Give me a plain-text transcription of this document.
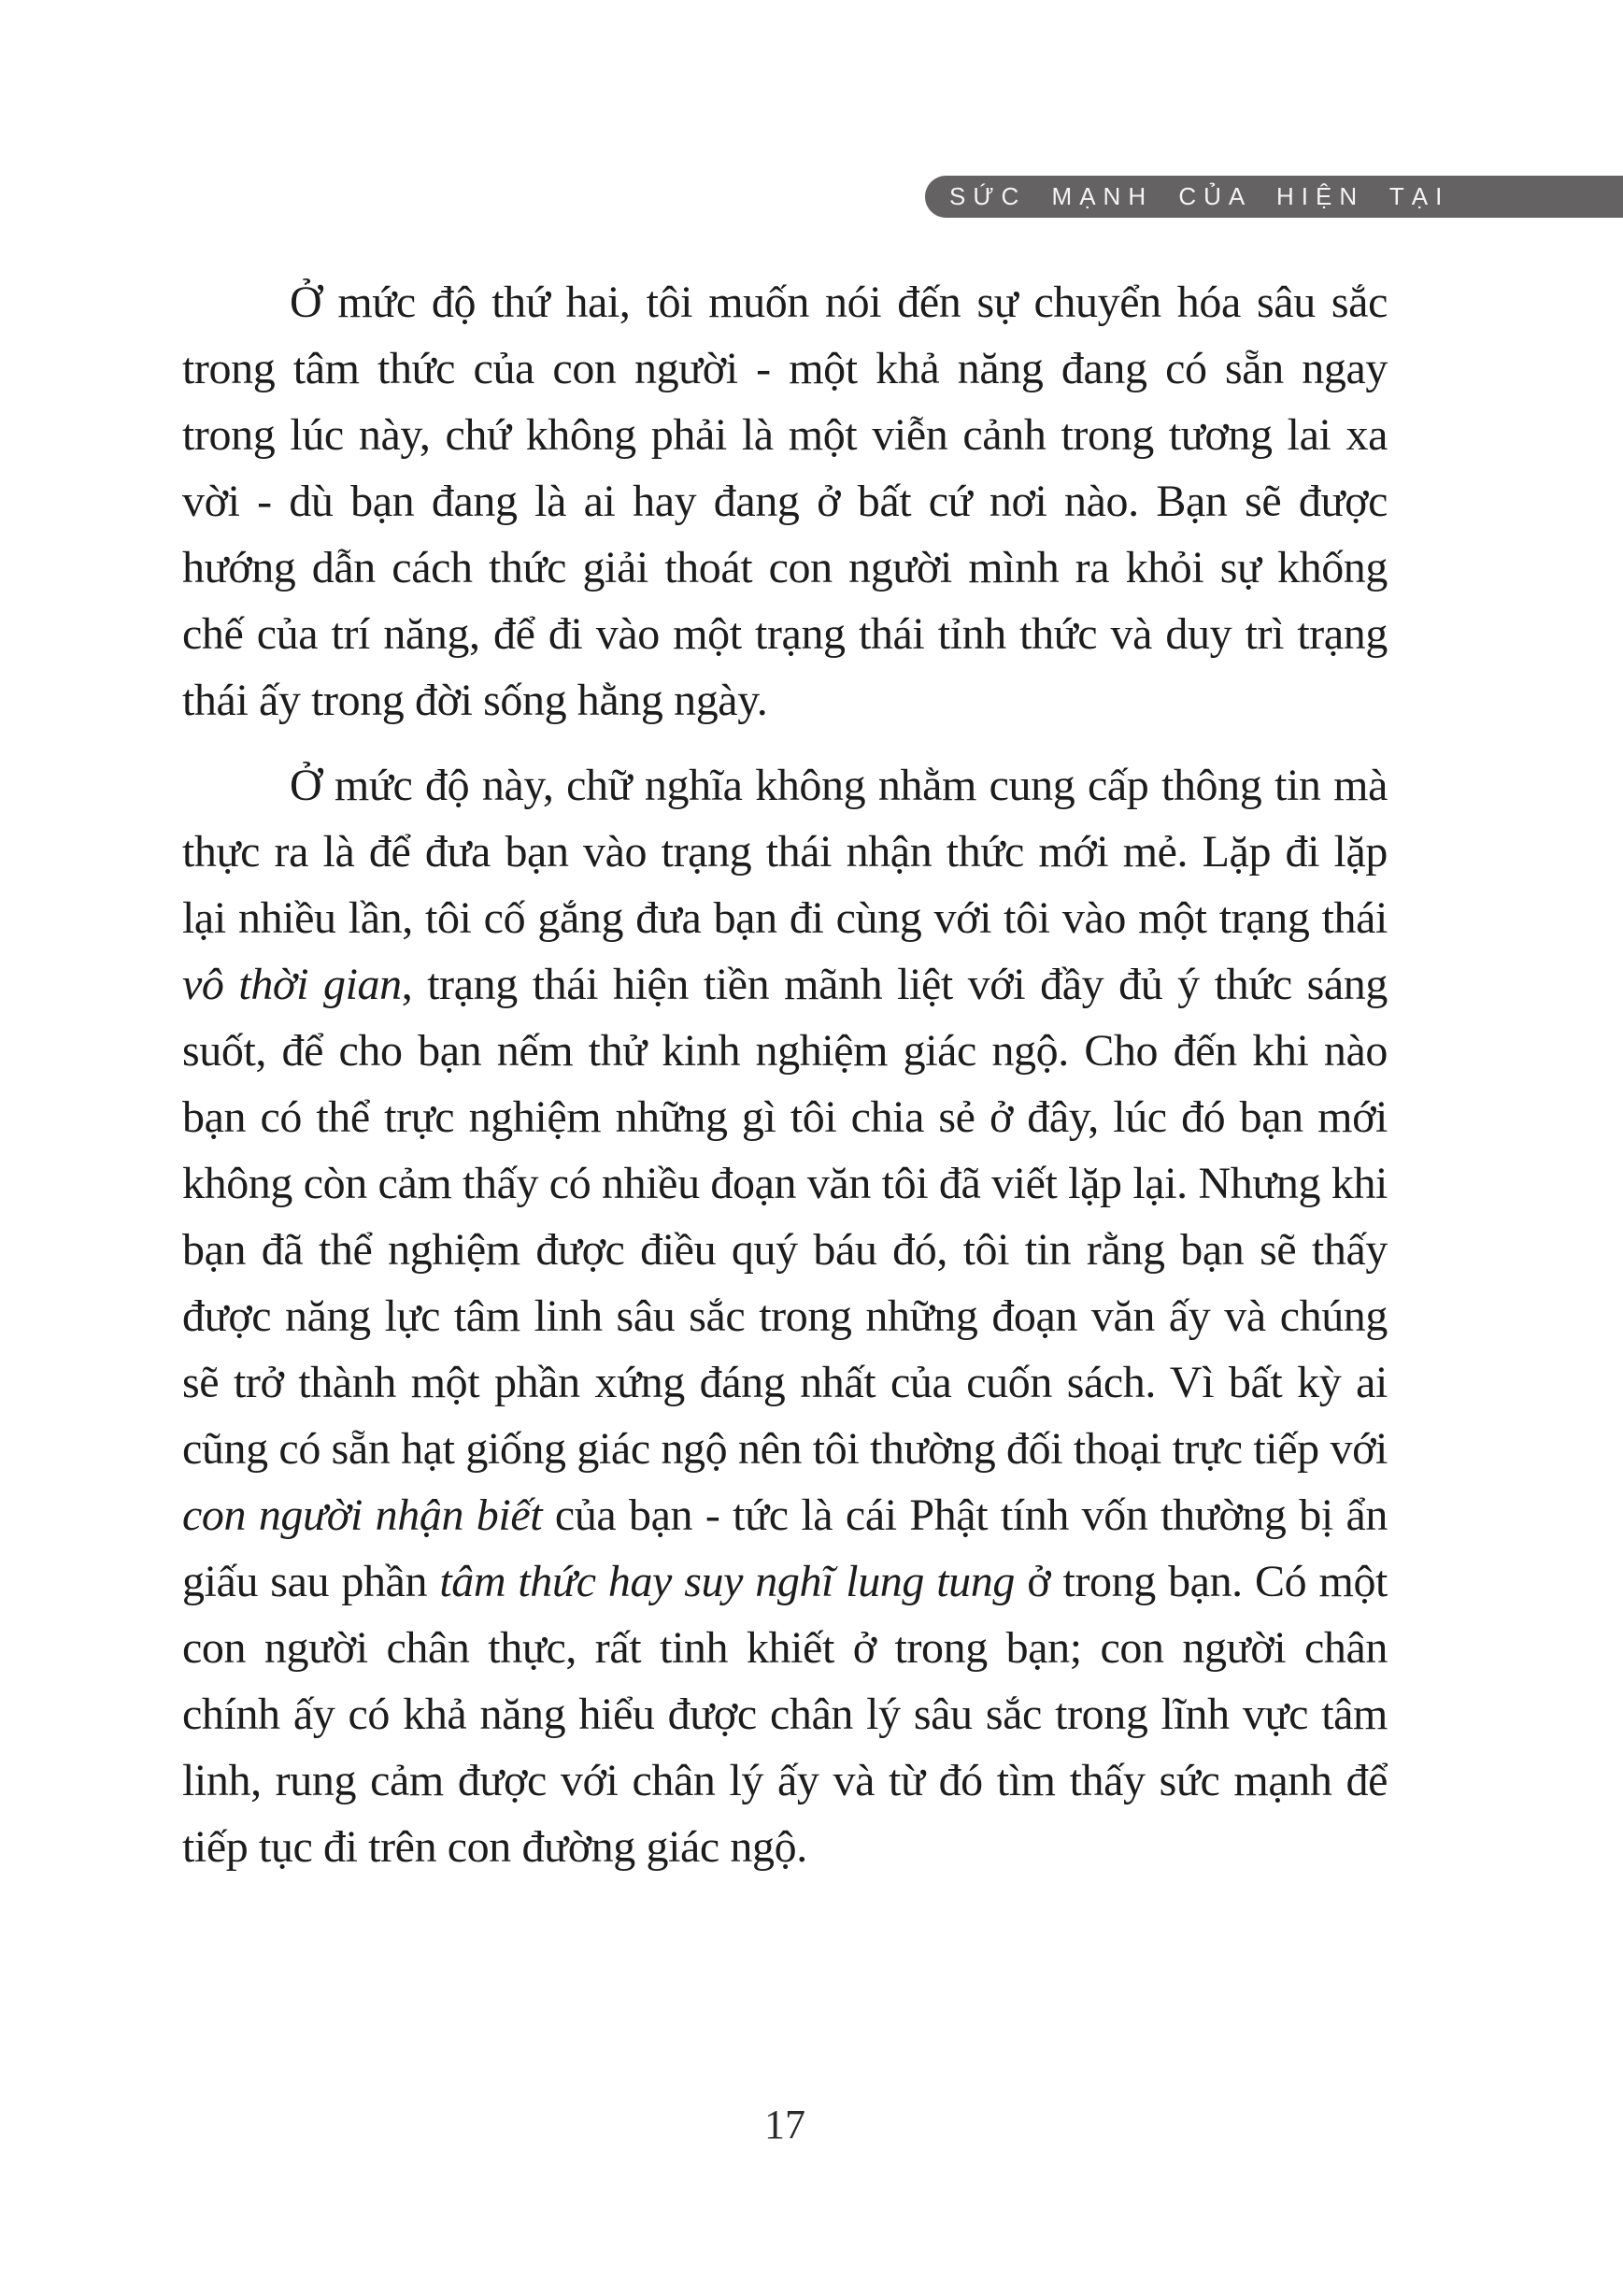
SỨC MẠNH CỦA HIỆN TẠI

Ở mức độ thứ hai, tôi muốn nói đến sự chuyển hóa sâu sắc trong tâm thức của con người - một khả năng đang có sẵn ngay trong lúc này, chứ không phải là một viễn cảnh trong tương lai xa vời - dù bạn đang là ai hay đang ở bất cứ nơi nào. Bạn sẽ được hướng dẫn cách thức giải thoát con người mình ra khỏi sự khống chế của trí năng, để đi vào một trạng thái tỉnh thức và duy trì trạng thái ấy trong đời sống hằng ngày.

Ở mức độ này, chữ nghĩa không nhằm cung cấp thông tin mà thực ra là để đưa bạn vào trạng thái nhận thức mới mẻ. Lặp đi lặp lại nhiều lần, tôi cố gắng đưa bạn đi cùng với tôi vào một trạng thái vô thời gian, trạng thái hiện tiền mãnh liệt với đầy đủ ý thức sáng suốt, để cho bạn nếm thử kinh nghiệm giác ngộ. Cho đến khi nào bạn có thể trực nghiệm những gì tôi chia sẻ ở đây, lúc đó bạn mới không còn cảm thấy có nhiều đoạn văn tôi đã viết lặp lại. Nhưng khi bạn đã thể nghiệm được điều quý báu đó, tôi tin rằng bạn sẽ thấy được năng lực tâm linh sâu sắc trong những đoạn văn ấy và chúng sẽ trở thành một phần xứng đáng nhất của cuốn sách. Vì bất kỳ ai cũng có sẵn hạt giống giác ngộ nên tôi thường đối thoại trực tiếp với con người nhận biết của bạn - tức là cái Phật tính vốn thường bị ẩn giấu sau phần tâm thức hay suy nghĩ lung tung ở trong bạn. Có một con người chân thực, rất tinh khiết ở trong bạn; con người chân chính ấy có khả năng hiểu được chân lý sâu sắc trong lĩnh vực tâm linh, rung cảm được với chân lý ấy và từ đó tìm thấy sức mạnh để tiếp tục đi trên con đường giác ngộ.

17
